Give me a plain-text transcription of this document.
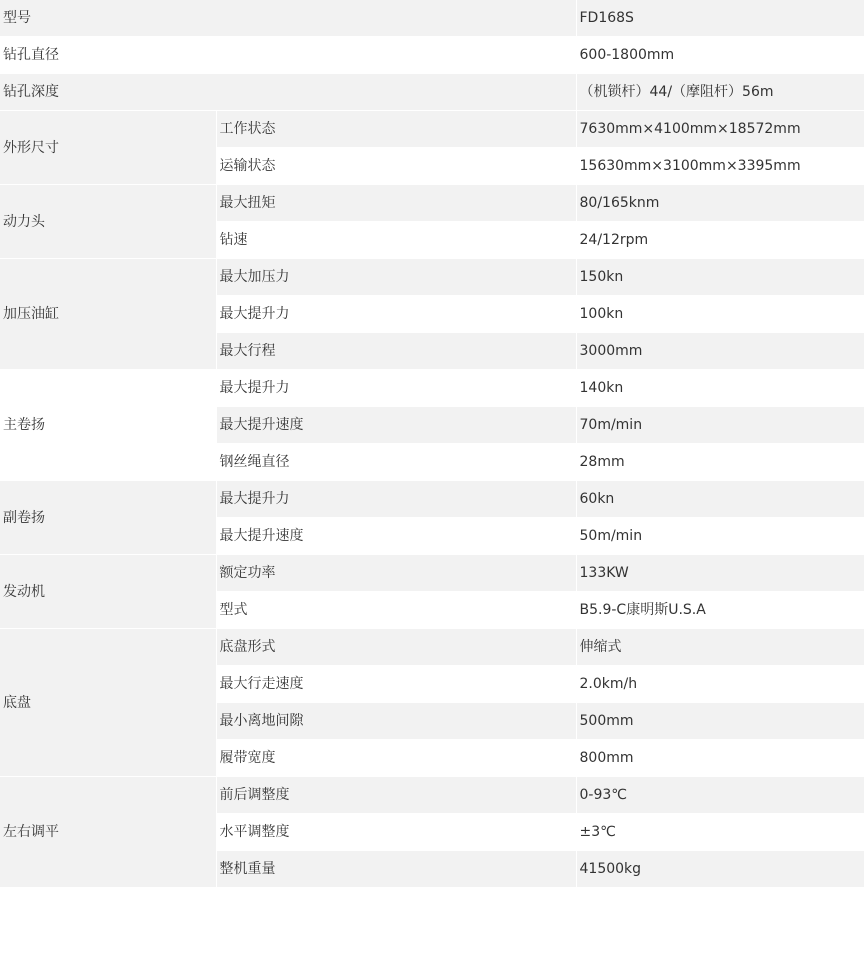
型号		FD168S
钻孔直径		600-1800mm
钻孔深度		（机锁杆）44/（摩阻杆）56m
外形尺寸	工作状态	7630mm×4100mm×18572mm
	运输状态	15630mm×3100mm×3395mm
动力头	最大扭矩	80/165knm
	钻速	24/12rpm
加压油缸	最大加压力	150kn
	最大提升力	100kn
	最大行程	3000mm
主卷扬	最大提升力	140kn
	最大提升速度	70m/min
	钢丝绳直径	28mm
副卷扬	最大提升力	60kn
	最大提升速度	50m/min
发动机	额定功率	133KW
	型式	B5.9-C康明斯U.S.A
底盘	底盘形式	伸缩式
	最大行走速度	2.0km/h
	最小离地间隙	500mm
	履带宽度	800mm
左右调平	前后调整度	0-93℃
	水平调整度	±3℃
	整机重量	41500kg
